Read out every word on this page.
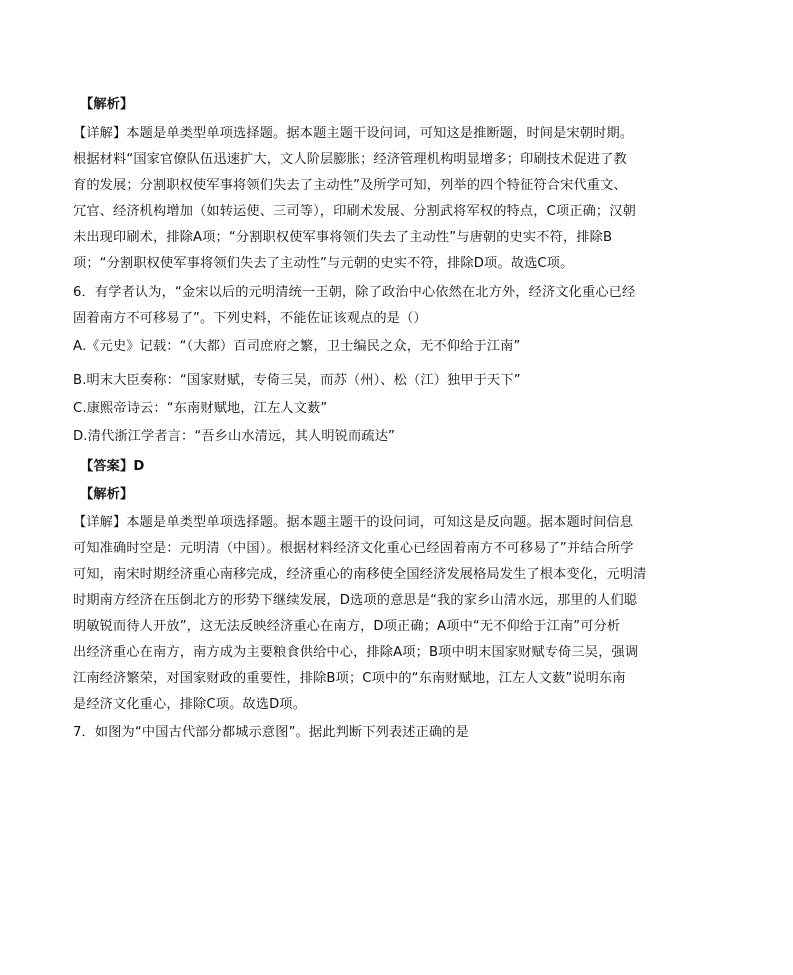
【解析】
【详解】本题是单类型单项选择题。据本题主题干设问词，可知这是推断题，时间是宋朝时期。
根据材料“国家官僚队伍迅速扩大，文人阶层膨胀；经济管理机构明显增多；印刷技术促进了教
育的发展；分割职权使军事将领们失去了主动性”及所学可知，列举的四个特征符合宋代重文、
冗官、经济机构增加（如转运使、三司等），印刷术发展、分割武将军权的特点，C项正确；汉朝
未出现印刷术，排除A项；“分割职权使军事将领们失去了主动性”与唐朝的史实不符，排除B
项；“分割职权使军事将领们失去了主动性”与元朝的史实不符，排除D项。故选C项。
6．有学者认为，“金宋以后的元明清统一王朝，除了政治中心依然在北方外，经济文化重心已经
固着南方不可移易了”。下列史料，不能佐证该观点的是（）
A.《元史》记载：“（大都）百司庶府之繁，卫士编民之众，无不仰给于江南”
B.明末大臣奏称：“国家财赋，专倚三吴，而苏（州）、松（江）独甲于天下”
C.康熙帝诗云：“东南财赋地，江左人文薮”
D.清代浙江学者言：“吾乡山水清远，其人明锐而疏达”
【答案】D
【解析】
【详解】本题是单类型单项选择题。据本题主题干的设问词，可知这是反向题。据本题时间信息
可知准确时空是：元明清（中国）。根据材料经济文化重心已经固着南方不可移易了”并结合所学
可知，南宋时期经济重心南移完成，经济重心的南移使全国经济发展格局发生了根本变化，元明清
时期南方经济在压倒北方的形势下继续发展，D选项的意思是“我的家乡山清水远，那里的人们聪
明敏锐而待人开放”，这无法反映经济重心在南方，D项正确；A项中“无不仰给于江南”可分析
出经济重心在南方，南方成为主要粮食供给中心，排除A项；B项中明末国家财赋专倚三吴，强调
江南经济繁荣，对国家财政的重要性，排除B项；C项中的“东南财赋地，江左人文薮”说明东南
是经济文化重心，排除C项。故选D项。
7．如图为“中国古代部分都城示意图”。据此判断下列表述正确的是
